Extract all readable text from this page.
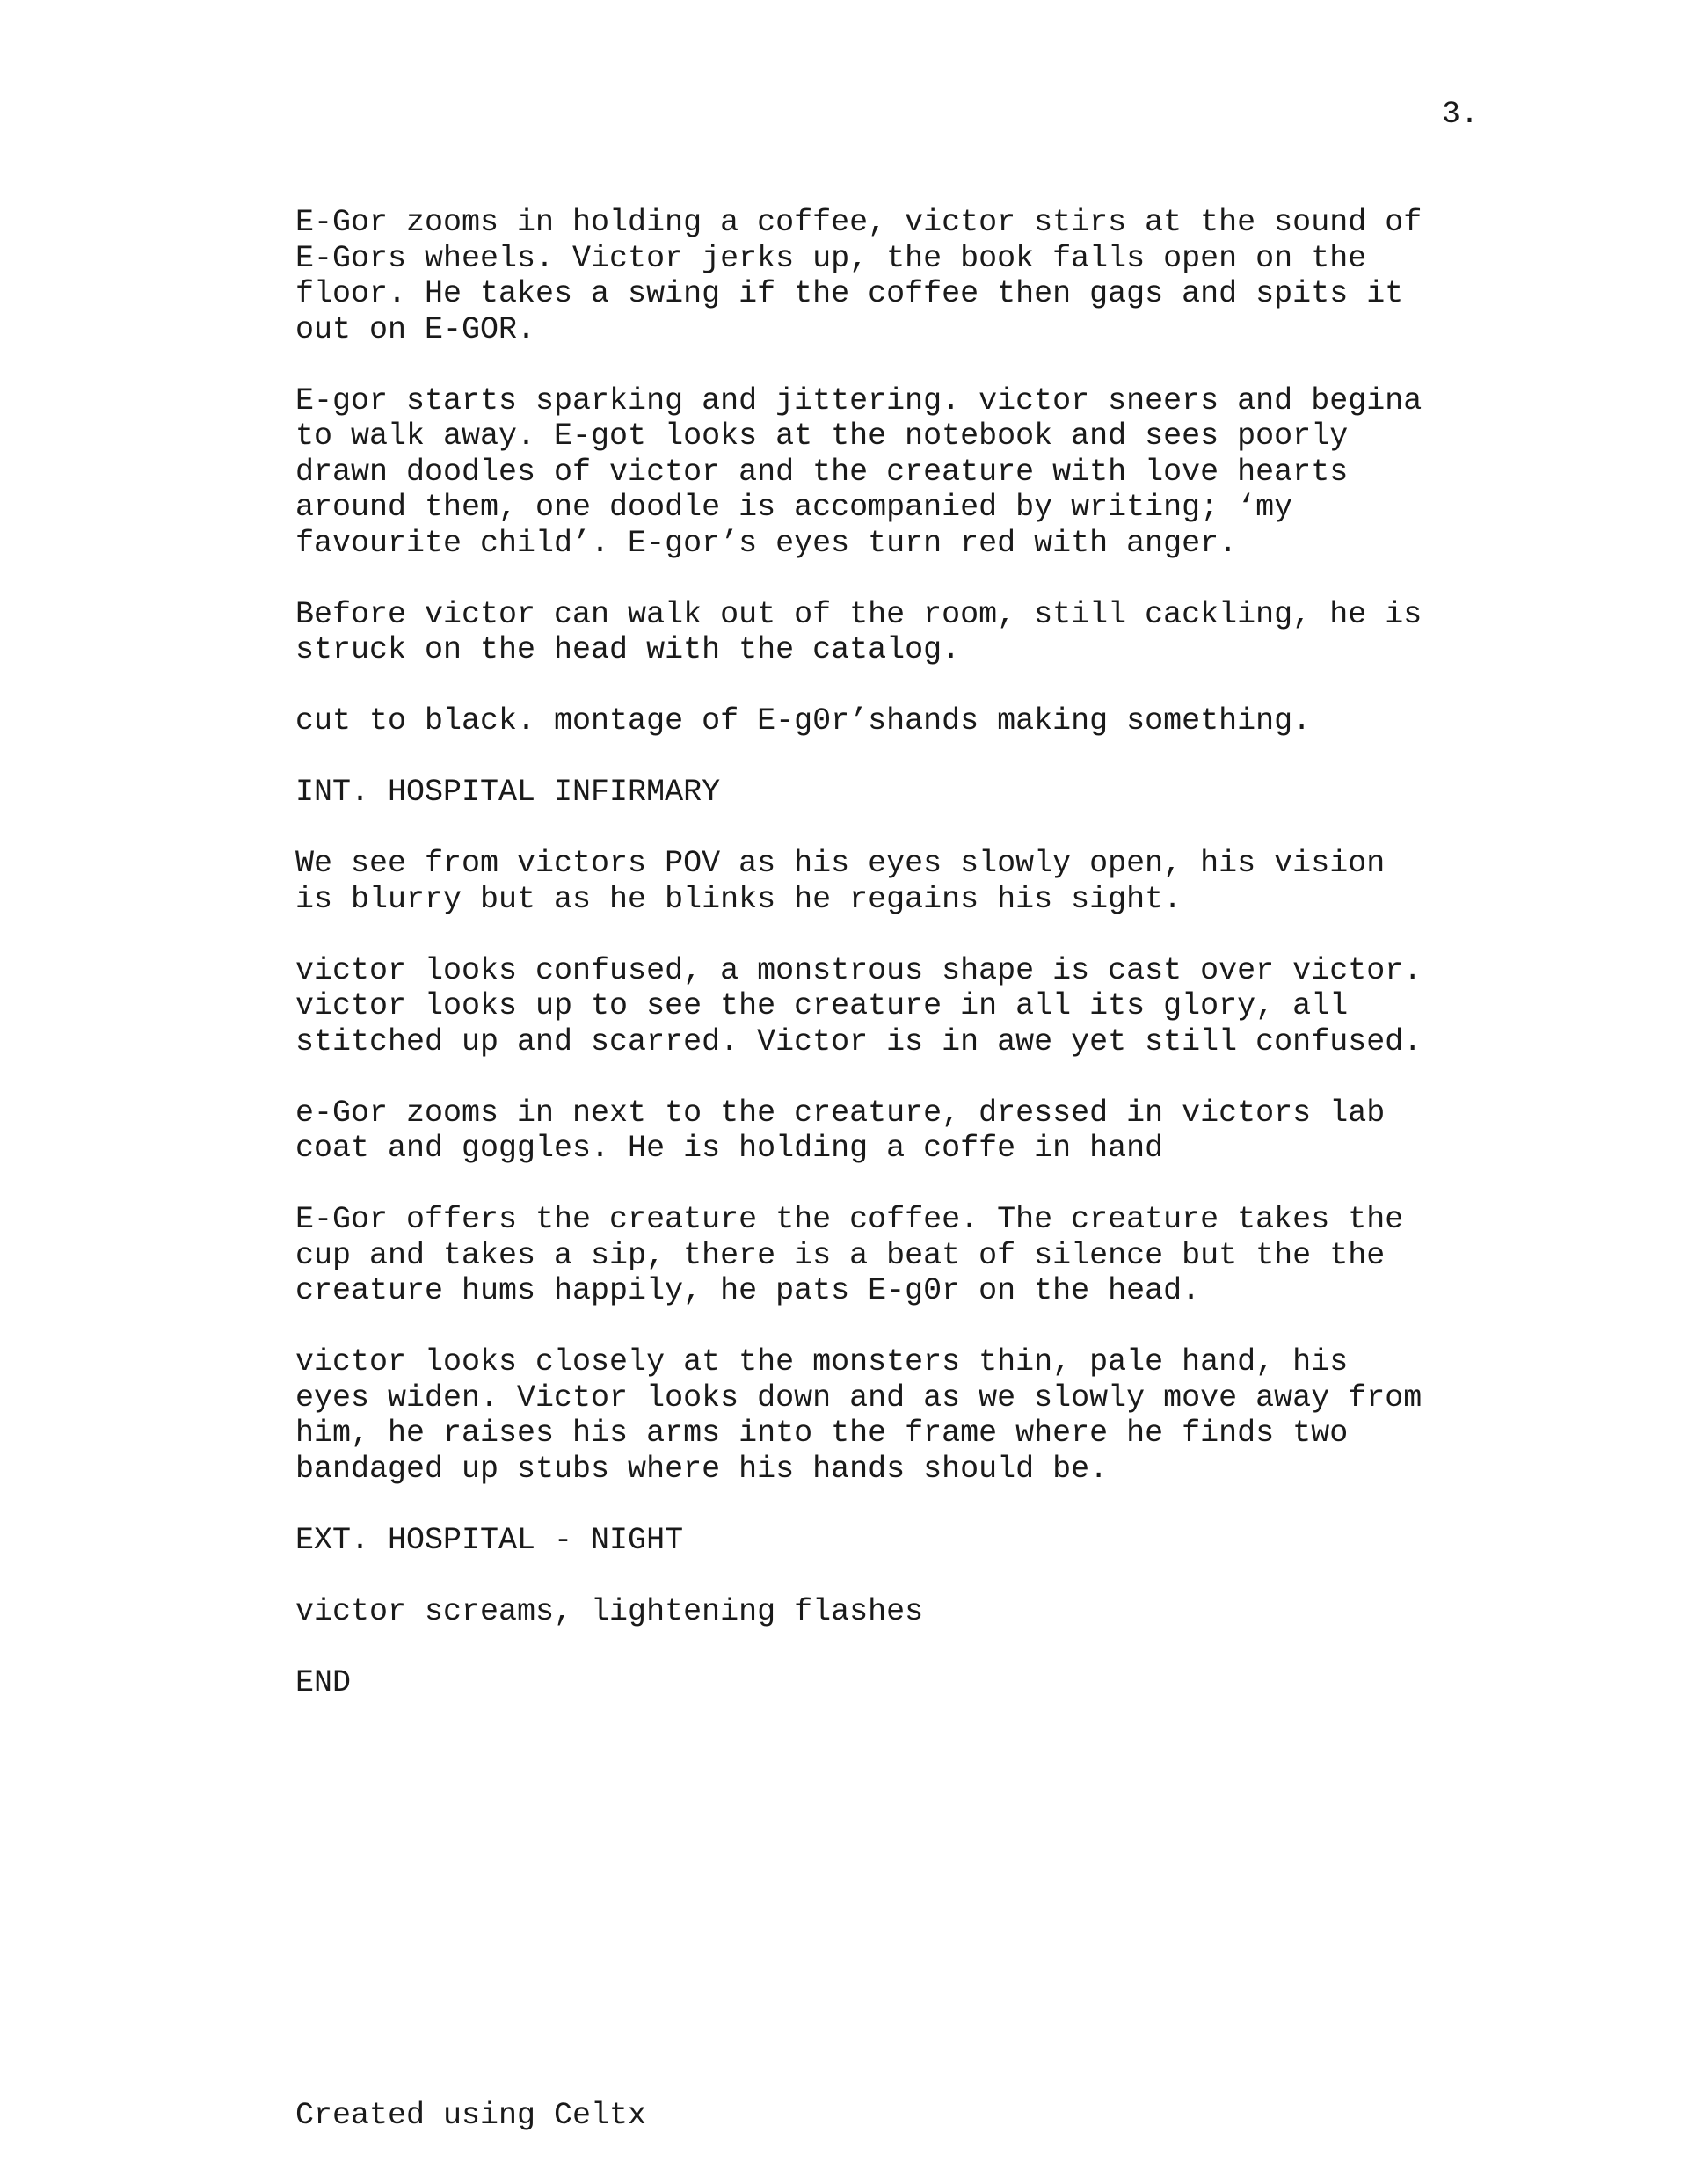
3.

E-Gor zooms in holding a coffee, victor stirs at the sound of
E-Gors wheels. Victor jerks up, the book falls open on the
floor. He takes a swing if the coffee then gags and spits it
out on E-GOR.

E-gor starts sparking and jittering. victor sneers and begina
to walk away. E-got looks at the notebook and sees poorly
drawn doodles of victor and the creature with love hearts
around them, one doodle is accompanied by writing; ‘my
favourite child’. E-gor’s eyes turn red with anger.

Before victor can walk out of the room, still cackling, he is
struck on the head with the catalog.

cut to black. montage of E-g0r’shands making something.

INT. HOSPITAL INFIRMARY

We see from victors POV as his eyes slowly open, his vision
is blurry but as he blinks he regains his sight.

victor looks confused, a monstrous shape is cast over victor.
victor looks up to see the creature in all its glory, all
stitched up and scarred. Victor is in awe yet still confused.

e-Gor zooms in next to the creature, dressed in victors lab
coat and goggles. He is holding a coffe in hand

E-Gor offers the creature the coffee. The creature takes the
cup and takes a sip, there is a beat of silence but the the
creature hums happily, he pats E-g0r on the head.

victor looks closely at the monsters thin, pale hand, his
eyes widen. Victor looks down and as we slowly move away from
him, he raises his arms into the frame where he finds two
bandaged up stubs where his hands should be.

EXT. HOSPITAL - NIGHT

victor screams, lightening flashes

END

Created using Celtx
